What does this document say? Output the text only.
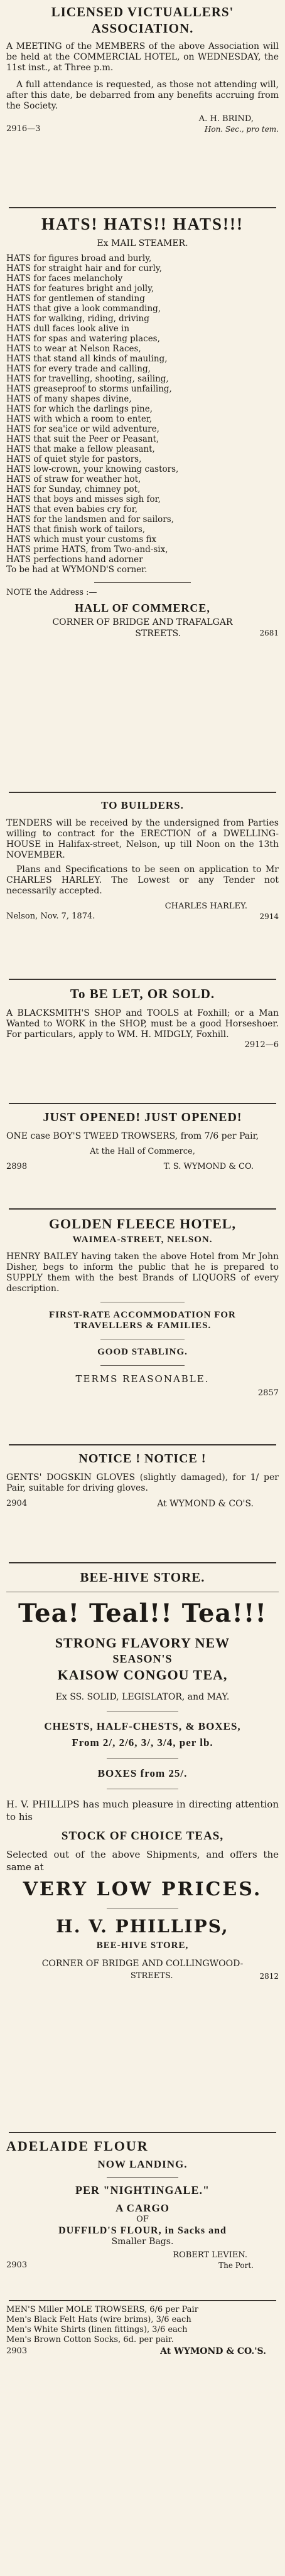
LICENSED VICTUALLERS' ASSOCIATION.
A MEETING of the MEMBERS of the above Association will be held at the COMMERCIAL HOTEL, on WEDNESDAY, the 11st inst., at Three p.m.
A full attendance is requested, as those not attending will, after this date, be debarred from any benefits accruing from the Society.
A. H. BRIND,
2916—3	Hon. Sec., pro tem.
HATS! HATS!! HATS!!!
Ex MAIL STEAMER.
HATS for figures broad and burly,
HATS for straight hair and for curly,
HATS for faces melancholy
HATS for features bright and jolly,
HATS for gentlemen of standing
HATS that give a look commanding,
HATS for walking, riding, driving
HATS dull faces look alive in
HATS for spas and watering places,
HATS to wear at Nelson Races,
HATS that stand all kinds of mauling,
HATS for every trade and calling,
HATS for travelling, shooting, sailing,
HATS greaseproof to storms unfailing,
HATS of many shapes divine,
HATS for which the darlings pine,
HATS with which a room to enter,
HATS for sea'ice or wild adventure,
HATS that suit the Peer or Peasant,
HATS that make a fellow pleasant,
HATS of quiet style for pastors,
HATS low-crown, your knowing castors,
HATS of straw for weather hot,
HATS for Sunday, chimney pot,
HATS that boys and misses sigh for,
HATS that even babies cry for,
HATS for the landsmen and for sailors,
HATS that finish work of tailors,
HATS which must your customs fix
HATS prime HATS, from Two-and-six,
HATS perfections hand adorner
To be had at WYMOND'S corner.
NOTE the Address :—
HALL OF COMMERCE,
CORNER OF BRIDGE AND TRAFALGAR
2681
STREETS.
TO BUILDERS.
TENDERS will be received by the undersigned from Parties willing to contract for the ERECTION of a DWELLING-HOUSE in Halifax-street, Nelson, up till Noon on the 13th NOVEMBER.
Plans and Specifications to be seen on application to Mr CHARLES HARLEY. The Lowest or any Tender not necessarily accepted.
CHARLES HARLEY.
Nelson, Nov. 7, 1874.	2914
To BE LET, OR SOLD.
A BLACKSMITH'S SHOP and TOOLS at Foxhill; or a Man Wanted to WORK in the SHOP, must be a good Horseshoer. For particulars, apply to WM. H. MIDGLY, Foxhill.
2912—6
JUST OPENED! JUST OPENED!
ONE case BOY'S TWEED TROWSERS, from 7/6 per Pair,
At the Hall of Commerce,
2898	T. S. WYMOND & CO.
GOLDEN FLEECE HOTEL,
WAIMEA-STREET, NELSON.
HENRY BAILEY having taken the above Hotel from Mr John Disher, begs to inform the public that he is prepared to SUPPLY them with the best Brands of LIQUORS of every description.
FIRST-RATE ACCOMMODATION FOR
TRAVELLERS & FAMILIES.
GOOD STABLING.
TERMS REASONABLE.
2857
NOTICE ! NOTICE !
GENTS' DOGSKIN GLOVES (slightly damaged), for 1/ per Pair, suitable for driving gloves.
2904	At WYMOND & CO'S.
BEE-HIVE STORE.
Tea! Teal!! Tea!!!
STRONG FLAVORY NEW
SEASON'S
KAISOW CONGOU TEA,
Ex SS. SOLID, LEGISLATOR, and MAY.
CHESTS, HALF-CHESTS, & BOXES,
From 2/, 2/6, 3/, 3/4, per lb.
BOXES from 25/.
H. V. PHILLIPS has much pleasure in directing attention to his
STOCK OF CHOICE TEAS,
Selected out of the above Shipments, and offers the same at
VERY LOW PRICES.
H. V. PHILLIPS,
BEE-HIVE STORE,
CORNER OF BRIDGE AND COLLINGWOOD-
2812
STREETS.
ADELAIDE FLOUR
NOW LANDING.
PER "NIGHTINGALE."
A CARGO
OF
DUFFILD'S FLOUR, in Sacks and
Smaller Bags.
ROBERT LEVIEN.
2903	The Port.
MEN'S Miller MOLE TROWSERS, 6/6 per Pair
Men's Black Felt Hats (wire brims), 3/6 each
Men's White Shirts (linen fittings), 3/6 each
Men's Brown Cotton Socks, 6d. per pair.
2903	At WYMOND & CO.'S.
